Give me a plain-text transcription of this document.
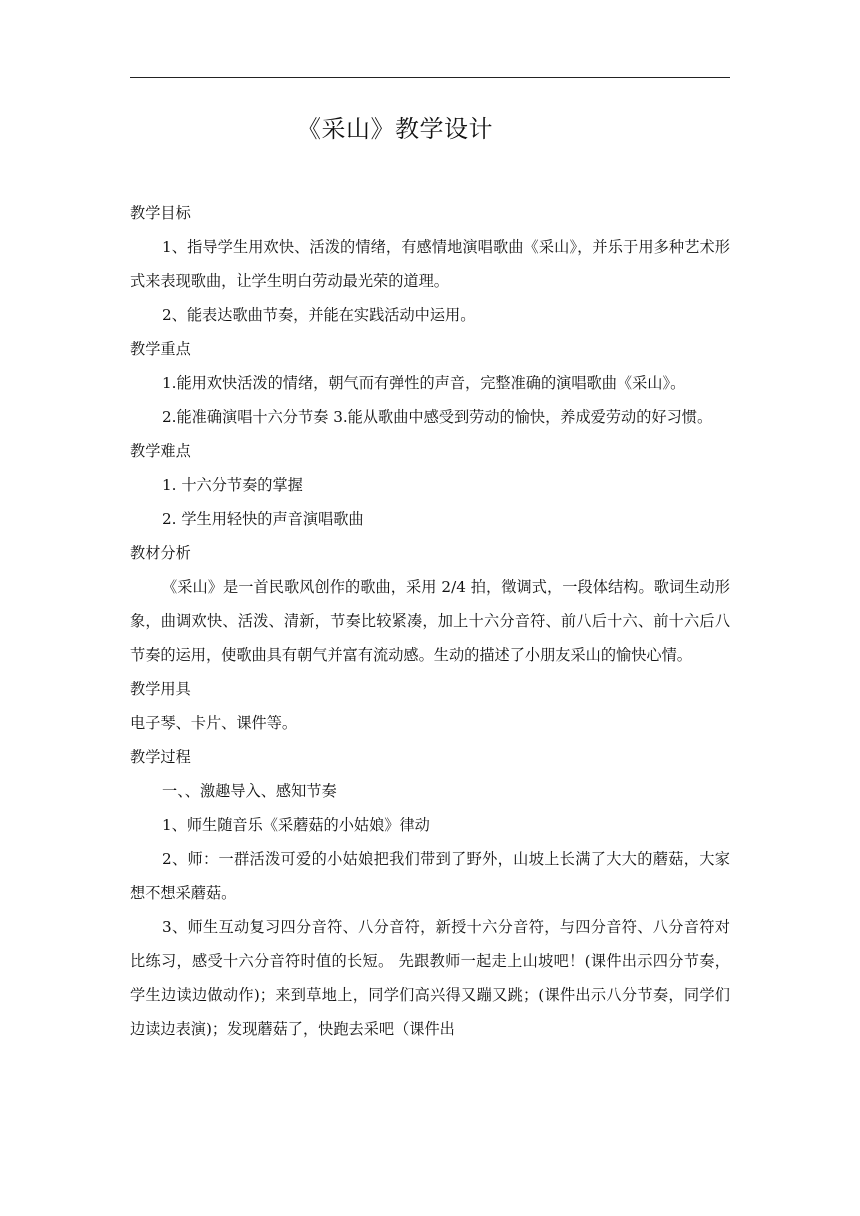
《采山》教学设计

教学目标

1、指导学生用欢快、活泼的情绪，有感情地演唱歌曲《采山》，并乐于用多种艺术形式来表现歌曲，让学生明白劳动最光荣的道理。

2、能表达歌曲节奏，并能在实践活动中运用。

教学重点

1.能用欢快活泼的情绪，朝气而有弹性的声音，完整准确的演唱歌曲《采山》。

2.能准确演唱十六分节奏 3.能从歌曲中感受到劳动的愉快，养成爱劳动的好习惯。

教学难点

1. 十六分节奏的掌握

2. 学生用轻快的声音演唱歌曲

教材分析

《采山》是一首民歌风创作的歌曲，采用 2/4 拍，徵调式，一段体结构。歌词生动形象，曲调欢快、活泼、清新，节奏比较紧凑，加上十六分音符、前八后十六、前十六后八节奏的运用，使歌曲具有朝气并富有流动感。生动的描述了小朋友采山的愉快心情。

教学用具

电子琴、卡片、课件等。

教学过程

一、、激趣导入、感知节奏

1、师生随音乐《采蘑菇的小姑娘》律动

2、师：一群活泼可爱的小姑娘把我们带到了野外，山坡上长满了大大的蘑菇，大家想不想采蘑菇。

3、师生互动复习四分音符、八分音符，新授十六分音符，与四分音符、八分音符对比练习，感受十六分音符时值的长短。 先跟教师一起走上山坡吧！(课件出示四分节奏，学生边读边做动作)；来到草地上，同学们高兴得又蹦又跳；(课件出示八分节奏，同学们边读边表演)；发现蘑菇了，快跑去采吧（课件出
